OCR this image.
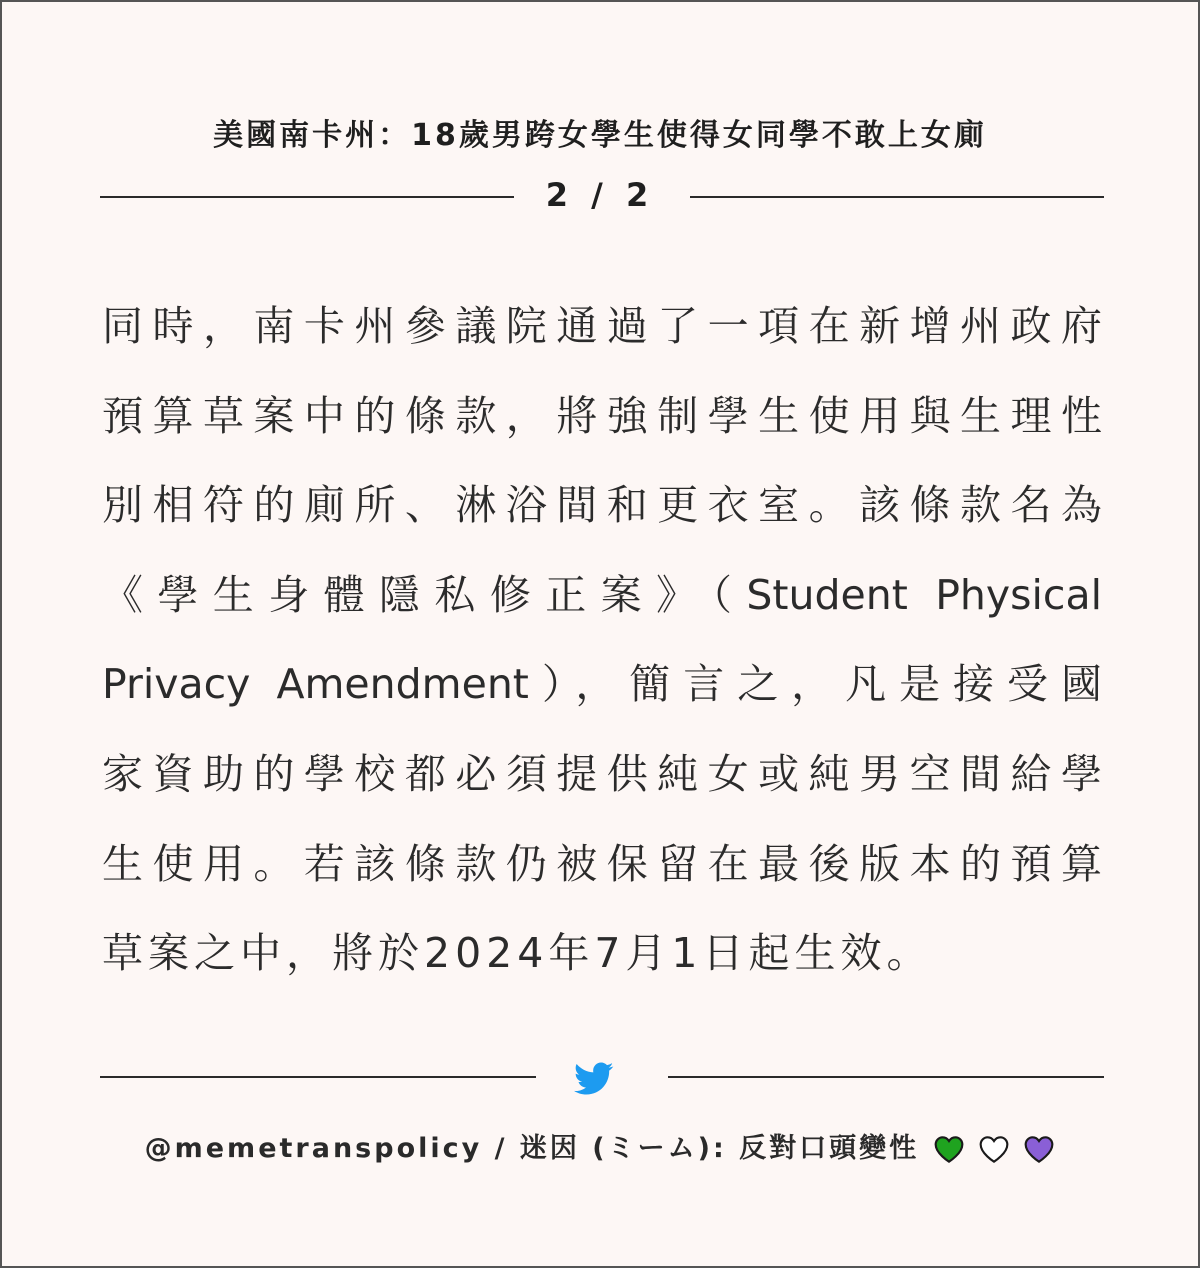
美國南卡州：18歲男跨女學生使得女同學不敢上女廁
2 / 2
同時，南卡州參議院通過了一項在新增州政府
預算草案中的條款，將強制學生使用與生理性
別相符的廁所、淋浴間和更衣室。該條款名為
《學生身體隱私修正案》（Student Physical
Privacy Amendment），簡言之，凡是接受國
家資助的學校都必須提供純女或純男空間給學
生使用。若該條款仍被保留在最後版本的預算
草案之中，將於2024年7月1日起生效。
@memetranspolicy / 迷因 (ミーム): 反對口頭變性
